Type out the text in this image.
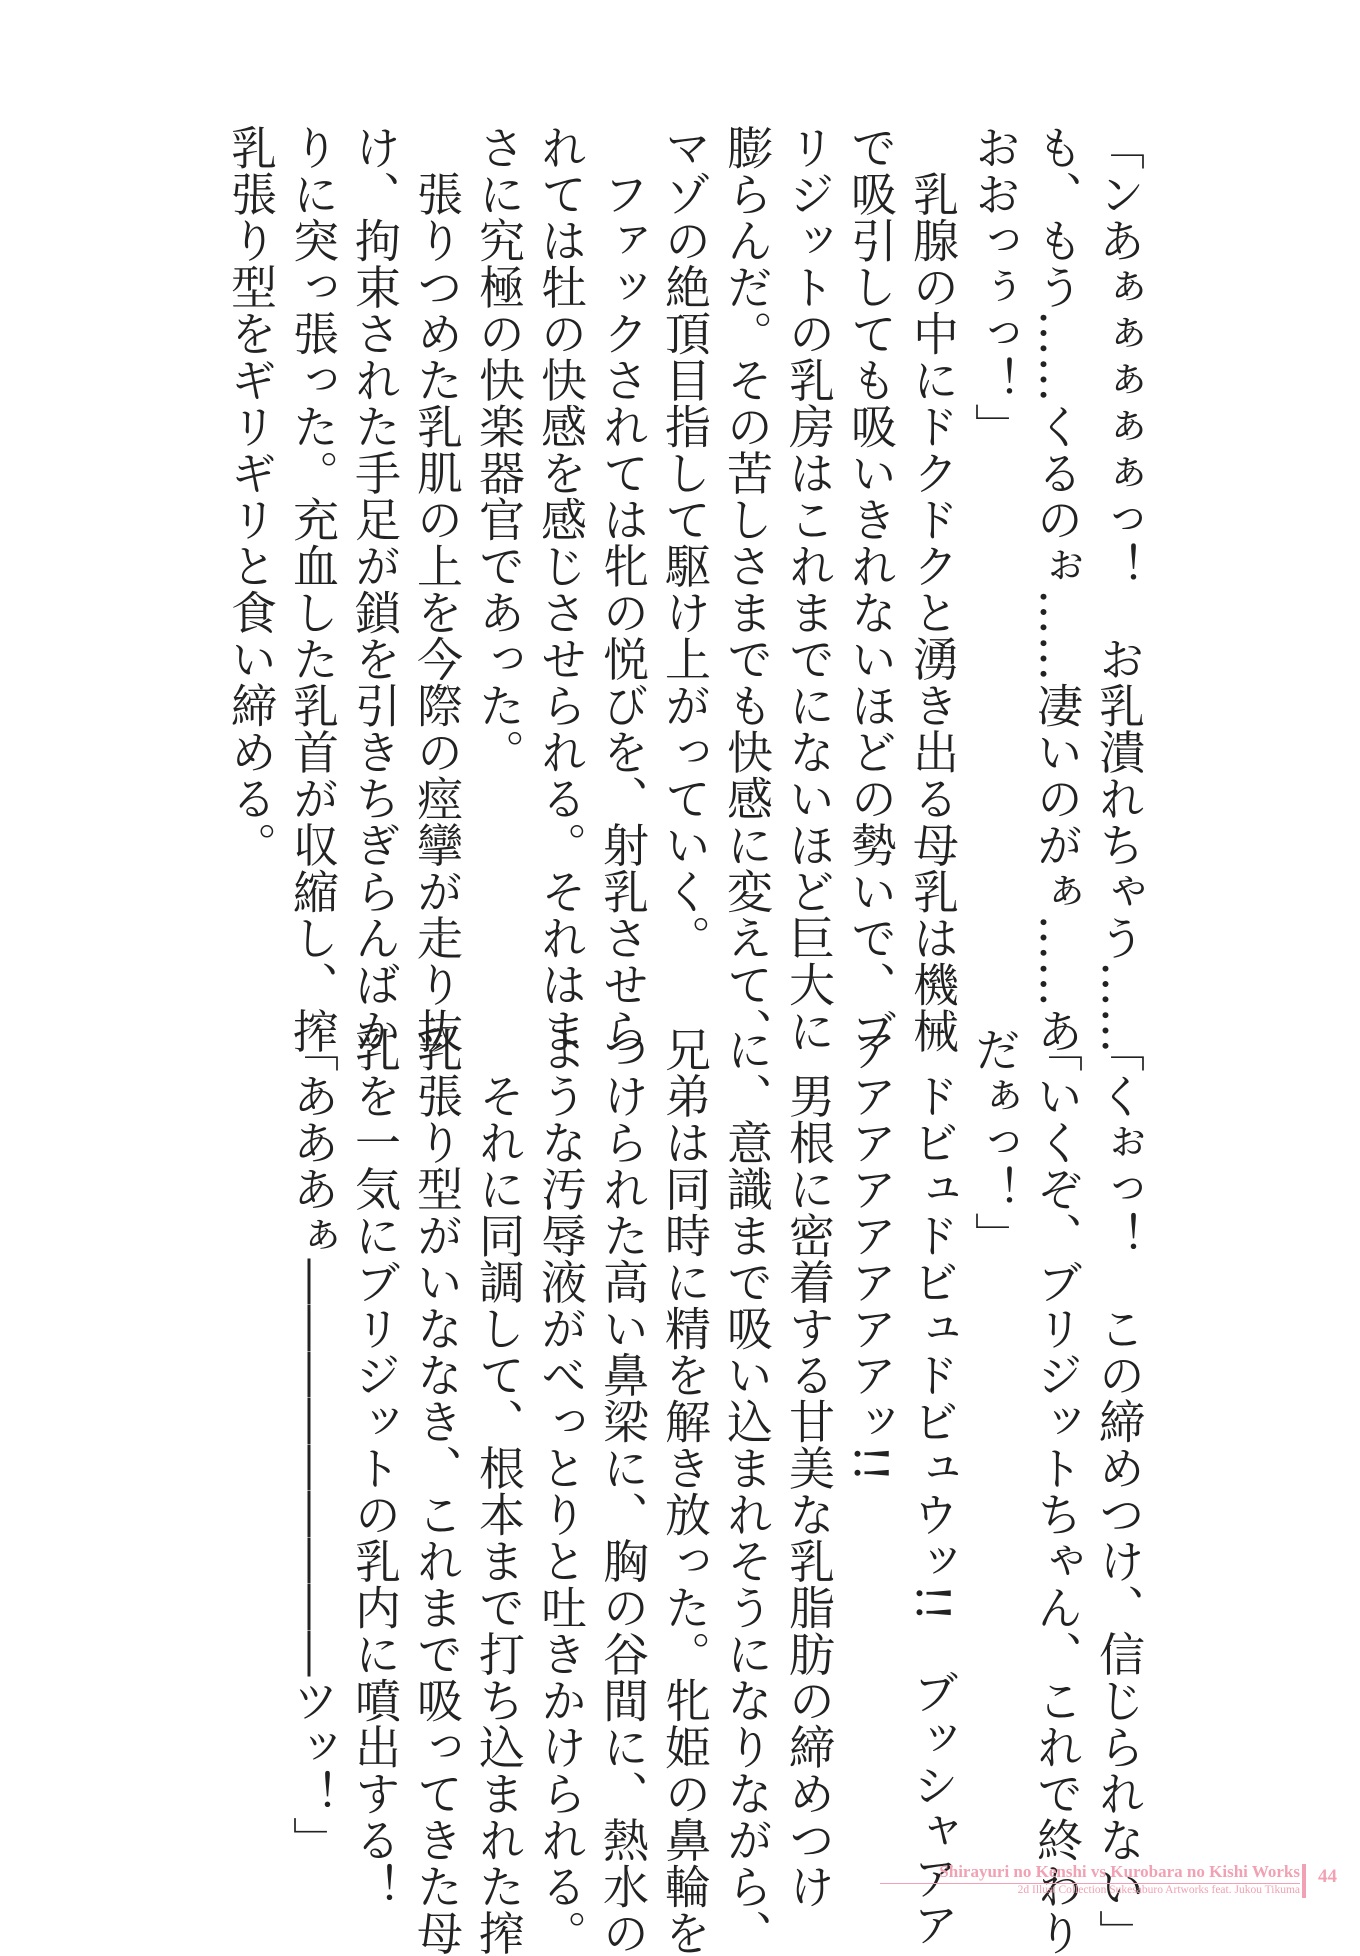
「ンあぁぁぁぁぁっ！　お乳潰れちゃう……
も、もう……くるのぉ……凄いのがぁ……あ
おおっぅっ！」
　乳腺の中にドクドクと湧き出る母乳は機械
で吸引しても吸いきれないほどの勢いで、ブ
リジットの乳房はこれまでにないほど巨大に
膨らんだ。その苦しさまでも快感に変えて、
マゾの絶頂目指して駆け上がっていく。
　ファックされては牝の悦びを、射乳させら
れては牡の快感を感じさせられる。それはま
さに究極の快楽器官であった。
　張りつめた乳肌の上を今際の痙攣が走り抜
け、拘束された手足が鎖を引きちぎらんばか
りに突っ張った。充血した乳首が収縮し、搾
乳張り型をギリギリと食い締める。
「くぉっ！　この締めつけ、信じられない」
「いくぞ、ブリジットちゃん、これで終わり
だぁっ！」
　ドビュドビュドビュウッ!!　ブッシャアア
アアアアアアアアッ!!
　男根に密着する甘美な乳脂肪の締めつけ
に、意識まで吸い込まれそうになりながら、
兄弟は同時に精を解き放った。牝姫の鼻輪を
つけられた高い鼻梁に、胸の谷間に、熱水の
ような汚辱液がべっとりと吐きかけられる。
　それに同調して、根本まで打ち込まれた搾
乳張り型がいななき、これまで吸ってきた母
乳を一気にブリジットの乳内に噴出する！
「あああぁ―――――――――ツッ！」
Shirayuri no Kenshi vs Kurobara no Kishi Works
2d Illust Collection Sukesaburo Artworks feat. Jukou Tikuma
44
